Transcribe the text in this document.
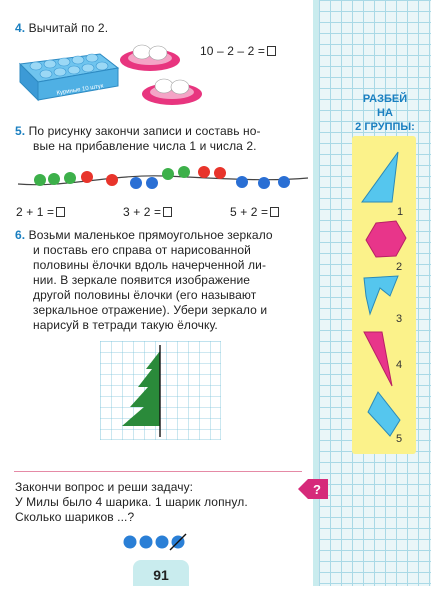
РАЗБЕЙ
НА
2 ГРУППЫ:
1
2
3
4
5
4. Вычитай по 2.
Куриные 10 штук
10 – 2 – 2 =
5. По рисунку закончи записи и составь но-
вые на прибавление числа 1 и числа 2.
2 + 1 =	3 + 2 =	5 + 2 =
6. Возьми маленькое прямоугольное зеркало
и поставь его справа от нарисованной
половины ёлочки вдоль начерченной ли-
нии. В зеркале появится изображение
другой половины ёлочки (его называют
зеркальное отражение). Убери зеркало и
нарисуй в тетради такую ёлочку.
Закончи вопрос и реши задачу:
У Милы было 4 шарика. 1 шарик лопнул.
Сколько шариков ...?
?
91
